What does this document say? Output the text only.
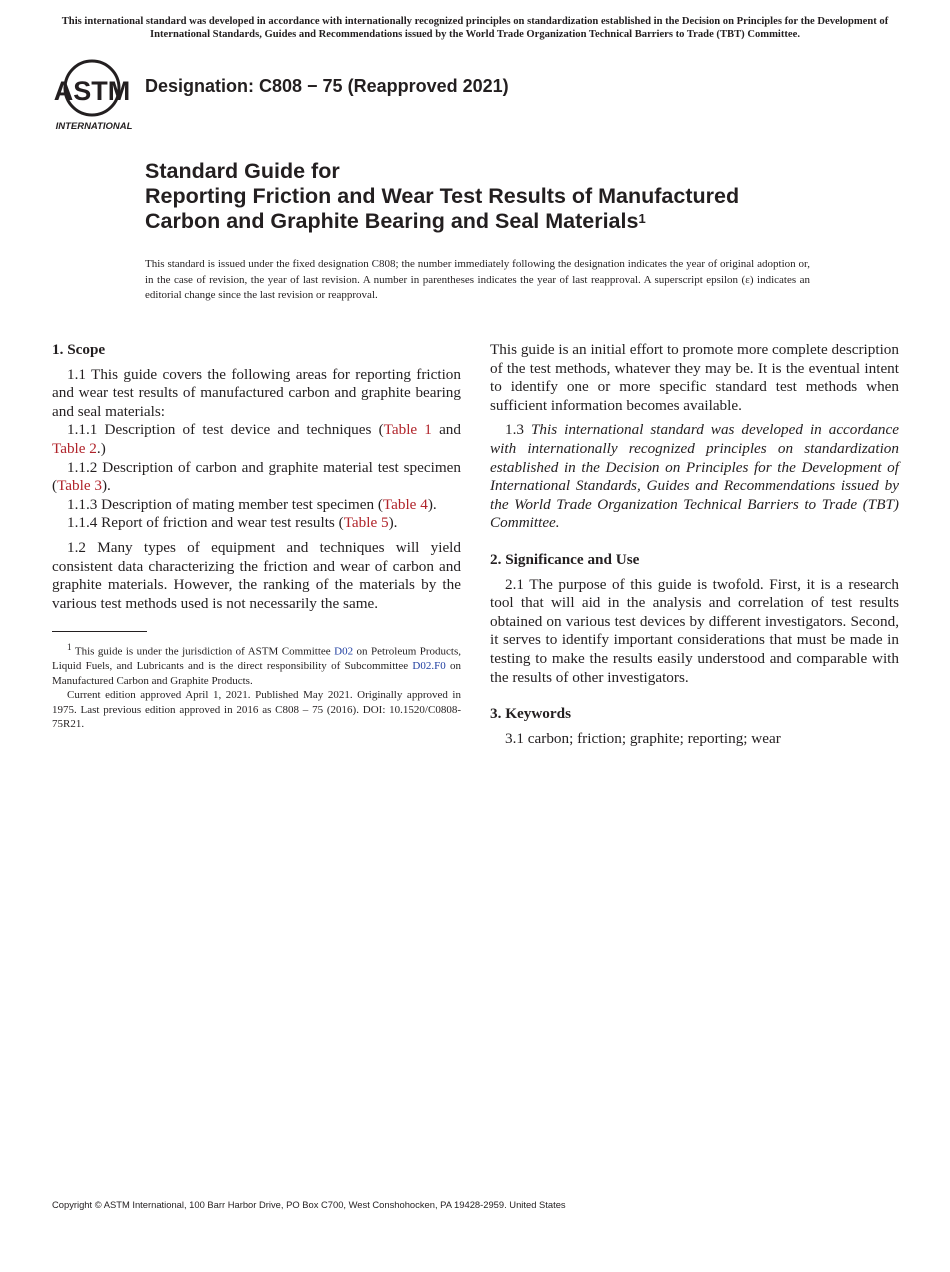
This international standard was developed in accordance with internationally recognized principles on standardization established in the Decision on Principles for the Development of International Standards, Guides and Recommendations issued by the World Trade Organization Technical Barriers to Trade (TBT) Committee.
ASTM
INTERNATIONAL
Designation: C808 − 75 (Reapproved 2021)
Standard Guide for
Reporting Friction and Wear Test Results of Manufactured
Carbon and Graphite Bearing and Seal Materials$^1$
This standard is issued under the fixed designation C808; the number immediately following the designation indicates the year of original adoption or, in the case of revision, the year of last revision. A number in parentheses indicates the year of last reapproval. A superscript epsilon (ε) indicates an editorial change since the last revision or reapproval.
1. Scope

1.1 This guide covers the following areas for reporting friction and wear test results of manufactured carbon and graphite bearing and seal materials:

1.1.1 Description of test device and techniques (Table 1 and Table 2.)

1.1.2 Description of carbon and graphite material test specimen (Table 3).

1.1.3 Description of mating member test specimen (Table 4).

1.1.4 Report of friction and wear test results (Table 5).

1.2 Many types of equipment and techniques will yield consistent data characterizing the friction and wear of carbon and graphite materials. However, the ranking of the materials by the various test methods used is not necessarily the same.

$^1$ This guide is under the jurisdiction of ASTM Committee D02 on Petroleum Products, Liquid Fuels, and Lubricants and is the direct responsibility of Subcommittee D02.F0 on Manufactured Carbon and Graphite Products.

Current edition approved April 1, 2021. Published May 2021. Originally approved in 1975. Last previous edition approved in 2016 as C808 – 75 (2016). DOI: 10.1520/C0808-75R21.

This guide is an initial effort to promote more complete description of the test methods, whatever they may be. It is the eventual intent to identify one or more specific standard test methods when sufficient information becomes available.

1.3 This international standard was developed in accordance with internationally recognized principles on standardization established in the Decision on Principles for the Development of International Standards, Guides and Recommendations issued by the World Trade Organization Technical Barriers to Trade (TBT) Committee.

2. Significance and Use

2.1 The purpose of this guide is twofold. First, it is a research tool that will aid in the analysis and correlation of test results obtained on various test devices by different investigators. Second, it serves to identify important considerations that must be made in testing to make the results easily understood and comparable with the results of other investigators.

3. Keywords

3.1 carbon; friction; graphite; reporting; wear

Copyright © ASTM International, 100 Barr Harbor Drive, PO Box C700, West Conshohocken, PA 19428-2959. United States
